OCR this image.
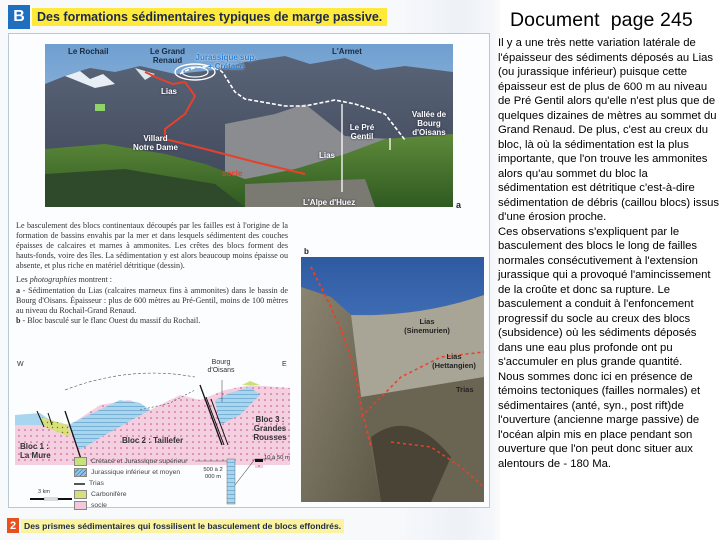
B Des formations sédimentaires typiques de marge passive.
Le Rochail	Le Grand Renaud	Jurassique sup. + Crétacé
L'Armet
Lias
Villard Notre Dame
Le Pré Gentil
Lias
Vallée de Bourg d'Oisans
socle
L'Alpe d'Huez	a

Le basculement des blocs continentaux découpés par les failles est à l'origine de la formation de bassins envahis par la mer et dans lesquels sédimentent des couches épaisses de calcaires et marnes à ammonites. Les crêtes des blocs forment des hauts-fonds, voire des îles. La sédimentation y est alors beaucoup moins épaisse ou absente, et plus riche en matériel détritique (dessin).

Les photographies montrent :
a - Sédimentation du Lias (calcaires marneux fins à ammonites) dans le bassin de Bourg d'Oisans. Épaisseur : plus de 600 mètres au Pré-Gentil, moins de 100 mètres au niveau du Rochail-Grand Renaud.
b - Bloc basculé sur le flanc Ouest du massif du Rochail.

W	E
Bourg d'Oisans
Bloc 1 : La Mure
Bloc 2 : Taillefer
Bloc 3 : Grandes Rousses
3 km
500 à 2 000 m
10 à 50 m
Crétacé et Jurassique supérieur
Jurassique inférieur et moyen
Trias
Carbonifère
socle
b
Lias (Sinemurien)
Lias (Hettangien)
Trias
2 Des prismes sédimentaires qui fossilisent le basculement de blocs effondrés.
Document  page 245

Il y a une très nette variation latérale de l'épaisseur des sédiments déposés au Lias (ou jurassique inférieur) puisque cette épaisseur est de plus de 600 m au niveau de Pré Gentil alors qu'elle n'est plus que de quelques dizaines de mètres au sommet du Grand Renaud. De plus, c'est au creux du bloc, là où la sédimentation est la plus importante, que l'on trouve les ammonites alors qu'au sommet du bloc la sédimentation est détritique c'est-à-dire sédimentation de débris (caillou blocs) issus d'une érosion proche.

Ces observations s'expliquent par le basculement des blocs le long de failles normales consécutivement à l'extension jurassique qui a provoqué l'amincissement de la croûte et donc sa rupture. Le basculement a conduit à l'enfoncement progressif du socle au creux des blocs (subsidence) où les sédiments déposés dans une eau plus profonde ont pu s'accumuler en plus grande quantité.

Nous sommes donc ici en présence de témoins tectoniques (failles normales) et sédimentaires (anté, syn., post rift)de l'ouverture (ancienne marge passive) de l'océan alpin mis en place pendant son ouverture que l'on peut donc situer aux alentours de - 180 Ma.
